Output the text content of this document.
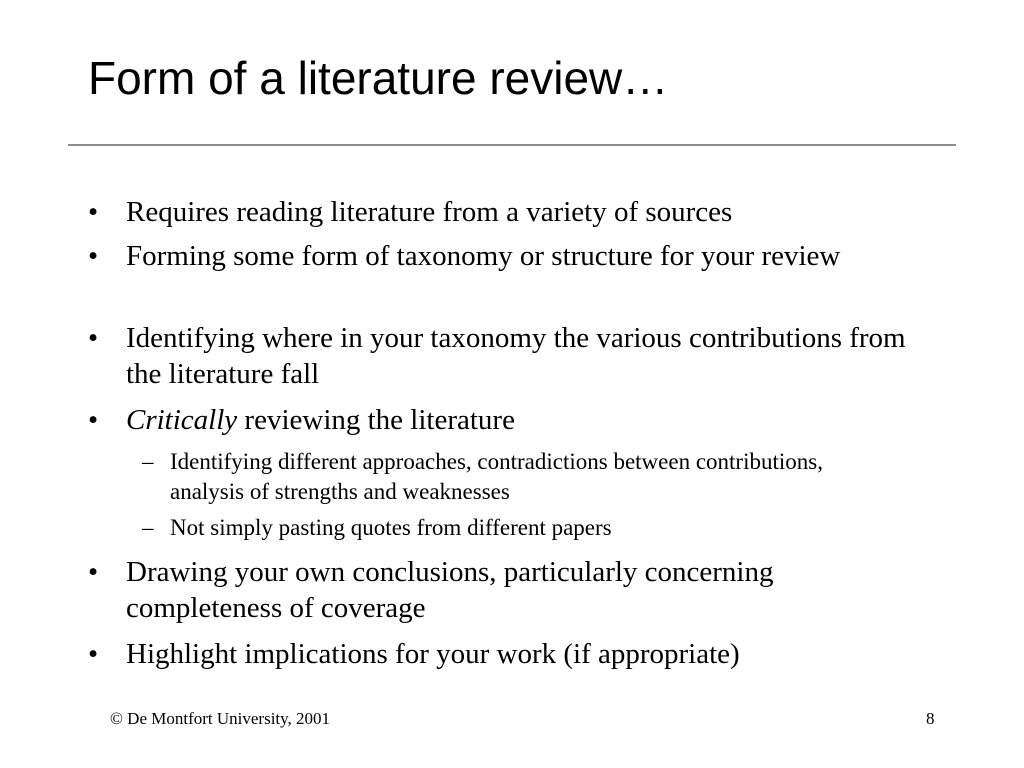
Form of a literature review…
• Requires reading literature from a variety of sources
• Forming some form of taxonomy or structure for your review
• Identifying where in your taxonomy the various contributions from the literature fall
• Critically reviewing the literature
– Identifying different approaches, contradictions between contributions, analysis of strengths and weaknesses
– Not simply pasting quotes from different papers
• Drawing your own conclusions, particularly concerning completeness of coverage
• Highlight implications for your work (if appropriate)
© De Montfort University, 2001	8
